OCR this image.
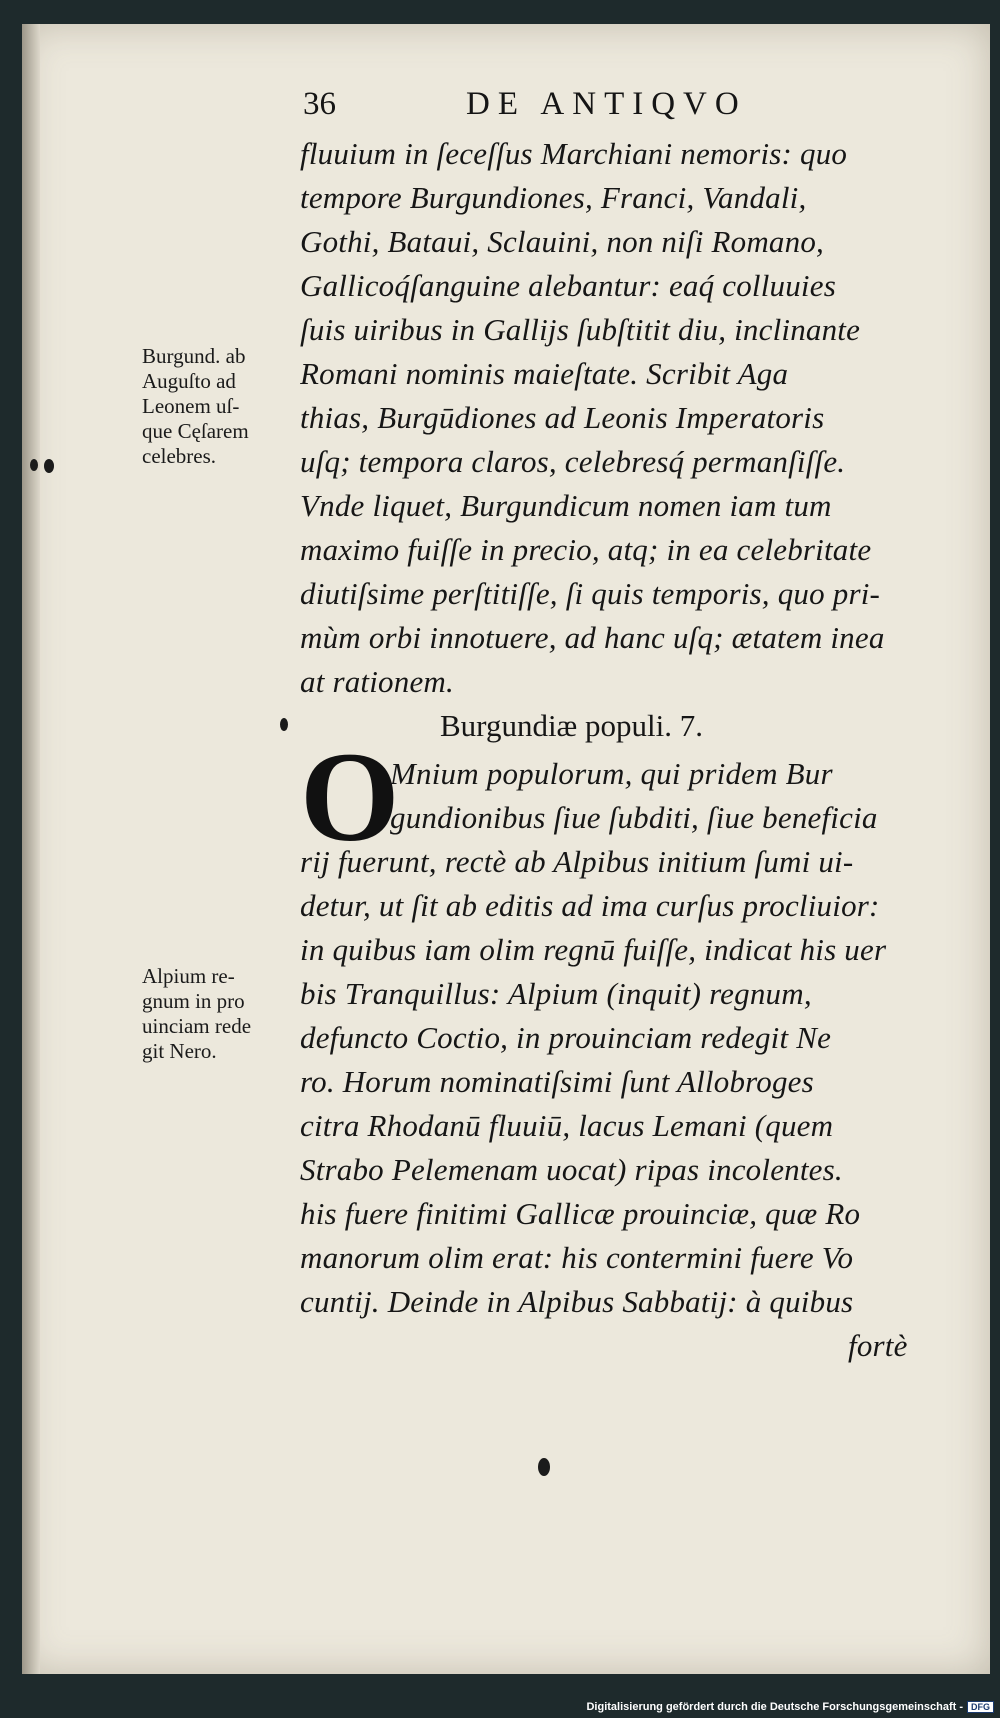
36	DE ANTIQVO
fluuium in ſeceſſus Marchiani nemoris: quo
tempore Burgundiones, Franci, Vandali,
Gothi, Bataui, Sclauini, non niſi Romano,
Gallicoq́ſanguine alebantur: eaq́ colluuies
ſuis uiribus in Gallijs ſubſtitit diu, inclinante
Romani nominis maieſtate. Scribit Aga
thias, Burgūdiones ad Leonis Imperatoris
uſq; tempora claros, celebresq́ permanſiſſe.
Vnde liquet, Burgundicum nomen iam tum
maximo fuiſſe in precio, atq; in ea celebritate
diutiſsime perſtitiſſe, ſi quis temporis, quo pri-
mùm orbi innotuere, ad hanc uſq; ætatem inea
at rationem.
Burgundiæ populi. 7.
O
Mnium populorum, qui pridem Bur
gundionibus ſiue ſubditi, ſiue beneficia
rij fuerunt, rectè ab Alpibus initium ſumi ui-
detur, ut ſit ab editis ad ima curſus procliuior:
in quibus iam olim regnū fuiſſe, indicat his uer
bis Tranquillus: Alpium (inquit) regnum,
defuncto Coctio, in prouinciam redegit Ne
ro. Horum nominatiſsimi ſunt Allobroges
citra Rhodanū fluuiū, lacus Lemani (quem
Strabo Pelemenam uocat) ripas incolentes.
his fuere finitimi Gallicæ prouinciæ, quæ Ro
manorum olim erat: his contermini fuere Vo
cuntij. Deinde in Alpibus Sabbatij: à quibus
fortè
Burgund. ab
Auguſto ad
Leonem uſ-
que Cęſarem
celebres.
Alpium re-
gnum in pro
uinciam rede
git Nero.
Digitalisierung gefördert durch die Deutsche Forschungsgemeinschaft - DFG
